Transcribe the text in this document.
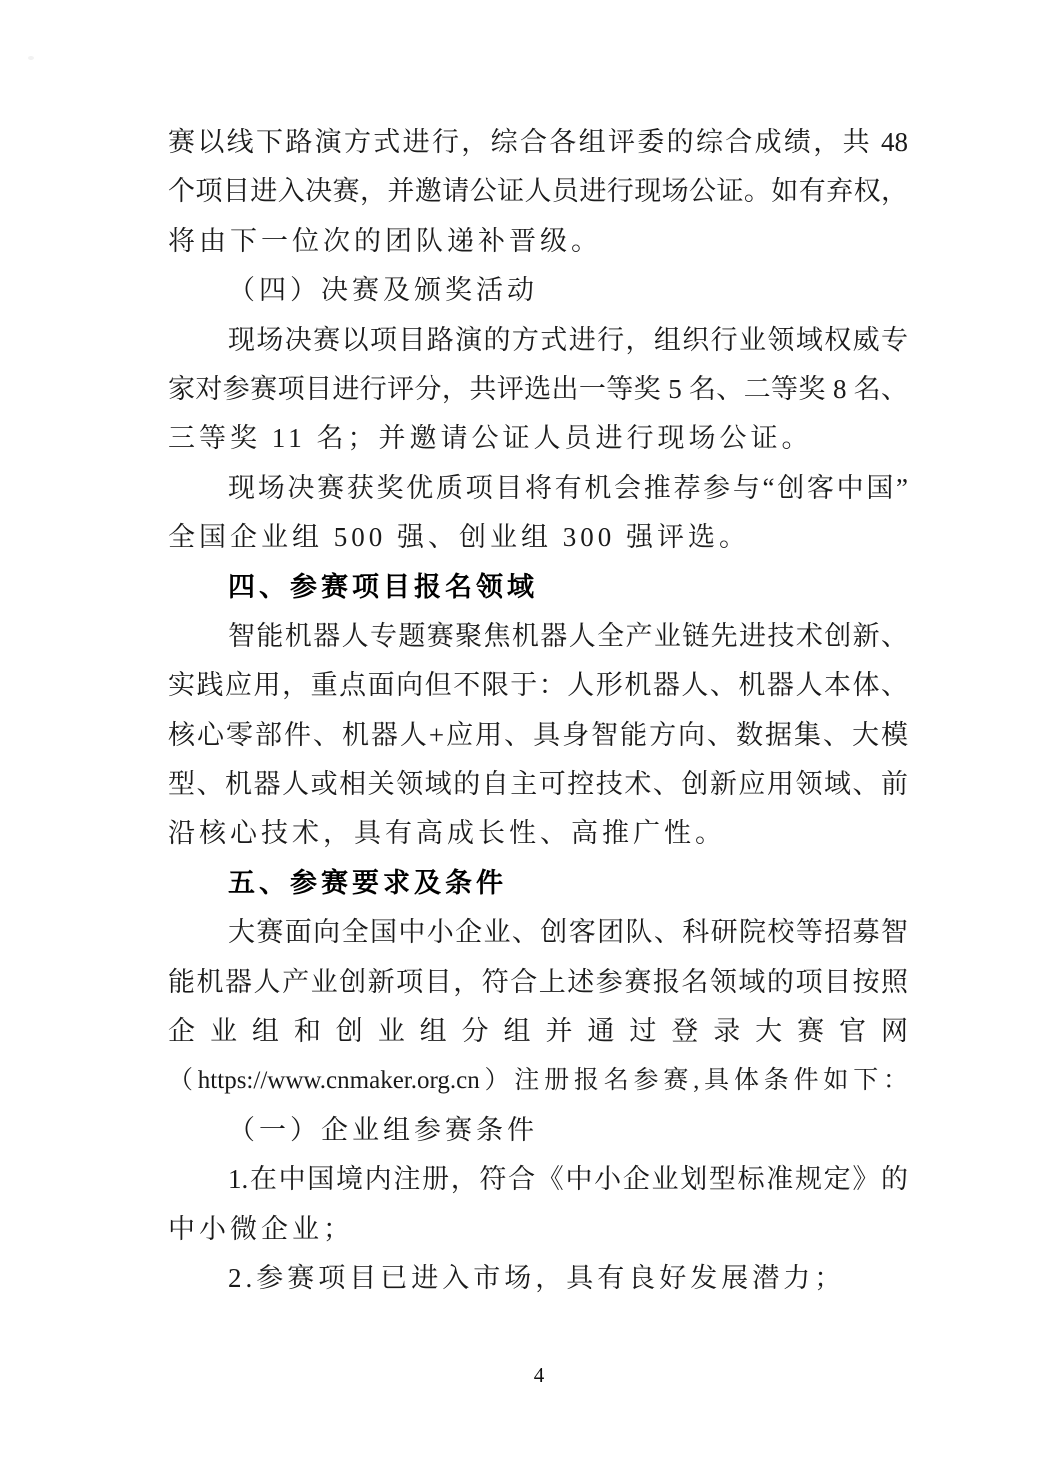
赛以线下路演方式进行，综合各组评委的综合成绩，共 48
个项目进入决赛，并邀请公证人员进行现场公证。如有弃权，
将由下一位次的团队递补晋级。
（四）决赛及颁奖活动
现场决赛以项目路演的方式进行，组织行业领域权威专
家对参赛项目进行评分，共评选出一等奖 5 名、二等奖 8 名、
三等奖 11 名；并邀请公证人员进行现场公证。
现场决赛获奖优质项目将有机会推荐参与“创客中国”
全国企业组 500 强、创业组 300 强评选。
四、参赛项目报名领域
智能机器人专题赛聚焦机器人全产业链先进技术创新、
实践应用，重点面向但不限于：人形机器人、机器人本体、
核心零部件、机器人+应用、具身智能方向、数据集、大模
型、机器人或相关领域的自主可控技术、创新应用领域、前
沿核心技术，具有高成长性、高推广性。
五、参赛要求及条件
大赛面向全国中小企业、创客团队、科研院校等招募智
能机器人产业创新项目，符合上述参赛报名领域的项目按照
企业组和创业组分组并通过登录大赛官网
（https://www.cnmaker.org.cn）注册报名参赛,具体条件如下：
（一）企业组参赛条件
1.在中国境内注册，符合《中小企业划型标准规定》的
中小微企业；
2.参赛项目已进入市场，具有良好发展潜力；
4
